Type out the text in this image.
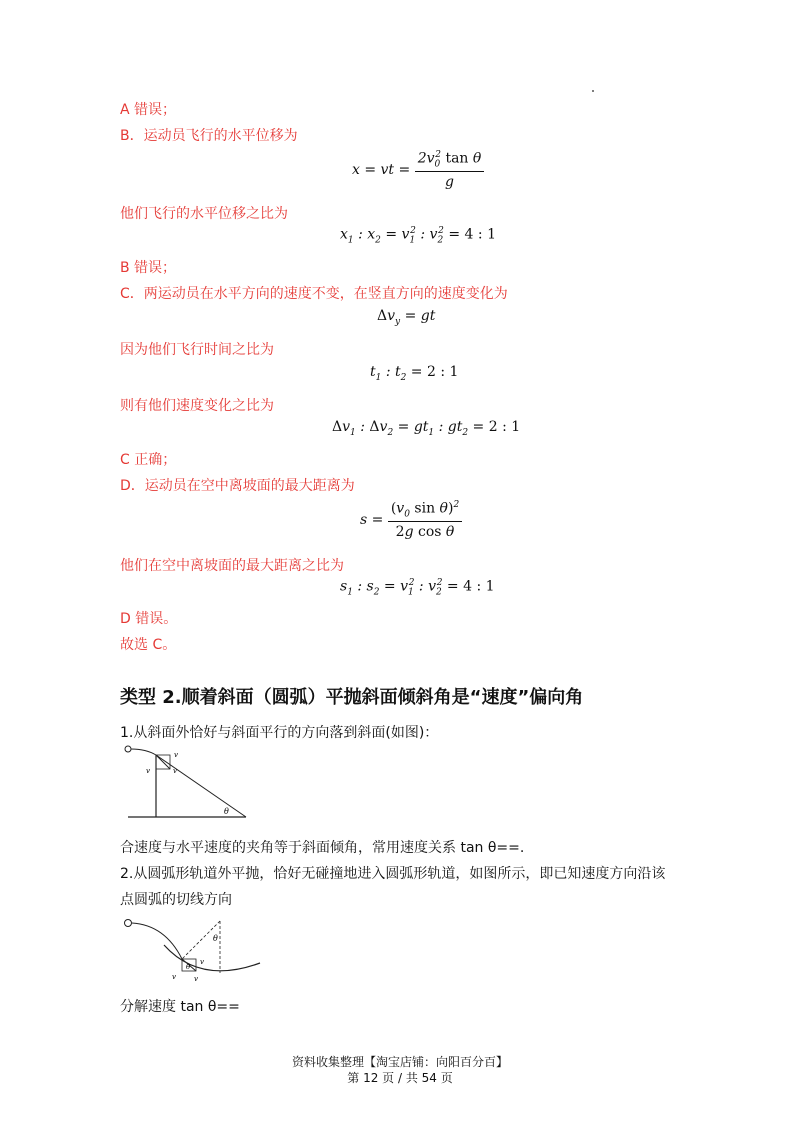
A 错误；
B．运动员飞行的水平位移为
x = vt = $\frac{2v_0^2 \tan \theta}{g}$
他们飞行的水平位移之比为
$x_1$ : $x_2 = v_1^2$ : $v_2^2 = 4$ : 1
B 错误；
C．两运动员在水平方向的速度不变，在竖直方向的速度变化为
$\Delta v_y$ = gt
因为他们飞行时间之比为
$t_1$ : $t_2 = 2$ : 1
则有他们速度变化之比为
$\Delta v_1$ : $\Delta v_2 = gt_1$ : $gt_2 = 2$ : 1
C 正确；
D．运动员在空中离坡面的最大距离为
$s = \frac{(v_0 \sin \theta)^2}{\text{2g cos θ}}$
他们在空中离坡面的最大距离之比为
$s_1$ : $s_2 = v_1^2$ : $v_2^2 = 4$ : 1
D 错误。
故选 C。
类型 2.顺着斜面（圆弧）平抛斜面倾斜角是“速度”偏向角
1.从斜面外恰好与斜面平行的方向落到斜面(如图)：
v
v
v
θ
合速度与水平速度的夹角等于斜面倾角，常用速度关系 tan θ==.
2.从圆弧形轨道外平抛，恰好无碰撞地进入圆弧形轨道，如图所示，即已知速度方向沿该
点圆弧的切线方向
θ
θ
v
v	v
分解速度 tan θ==
资料收集整理【淘宝店铺：向阳百分百】
第 12 页 / 共 54 页
